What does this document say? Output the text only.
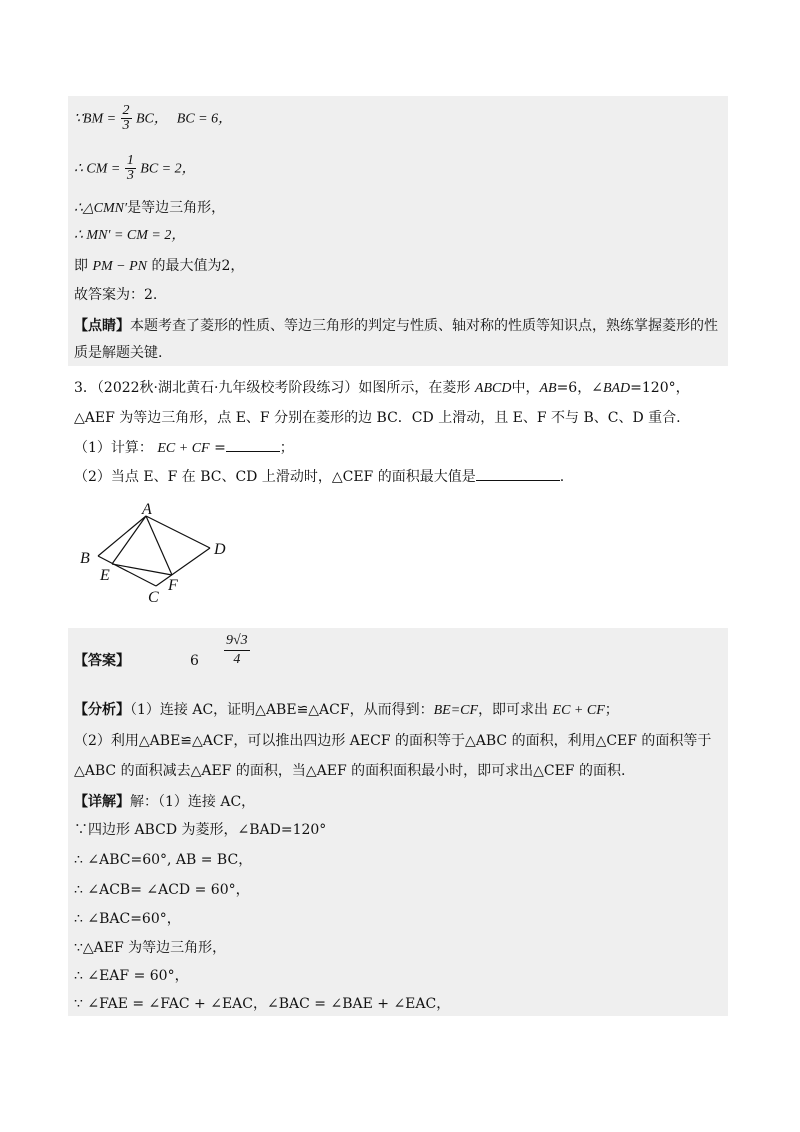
∵BM = $\frac{2}{3}$ BC， BC = 6，
∴ CM = $\frac{1}{3}$ BC = 2，
∴△CMN′是等边三角形，
∴ MN′ = CM = 2，
即 PM − PN 的最大值为2，
故答案为：2.
【点睛】本题考查了菱形的性质、等边三角形的判定与性质、轴对称的性质等知识点，熟练掌握菱形的性
质是解题关键.
3．（2022秋·湖北黄石·九年级校考阶段练习）如图所示，在菱形 ABCD中，AB=6，∠BAD=120°，
△AEF 为等边三角形，点 E、F 分别在菱形的边 BC．CD 上滑动，且 E、F 不与 B、C、D 重合.
（1）计算： EC + CF =	；
（2）当点 E、F 在 BC、CD 上滑动时，△CEF 的面积最大值是	.
A
B
C
D
E
F
【答案】	$6 \frac{9√3}{4}$
【分析】（1）连接 AC，证明△ABE≌△ACF，从而得到：BE=CF，即可求出 EC + CF；
（2）利用△ABE≌△ACF，可以推出四边形 AECF 的面积等于△ABC 的面积，利用△CEF 的面积等于
△ABC 的面积减去△AEF 的面积，当△AEF 的面积面积最小时，即可求出△CEF 的面积.
【详解】解：（1）连接 AC，
∵四边形 ABCD 为菱形，∠BAD=120°
∴ ∠ABC=60°, AB = BC，
∴ ∠ACB= ∠ACD = 60°，
∴ ∠BAC=60°，
∵△AEF 为等边三角形，
∴ ∠EAF = 60°，
∵ ∠FAE = ∠FAC + ∠EAC，∠BAC = ∠BAE + ∠EAC，
